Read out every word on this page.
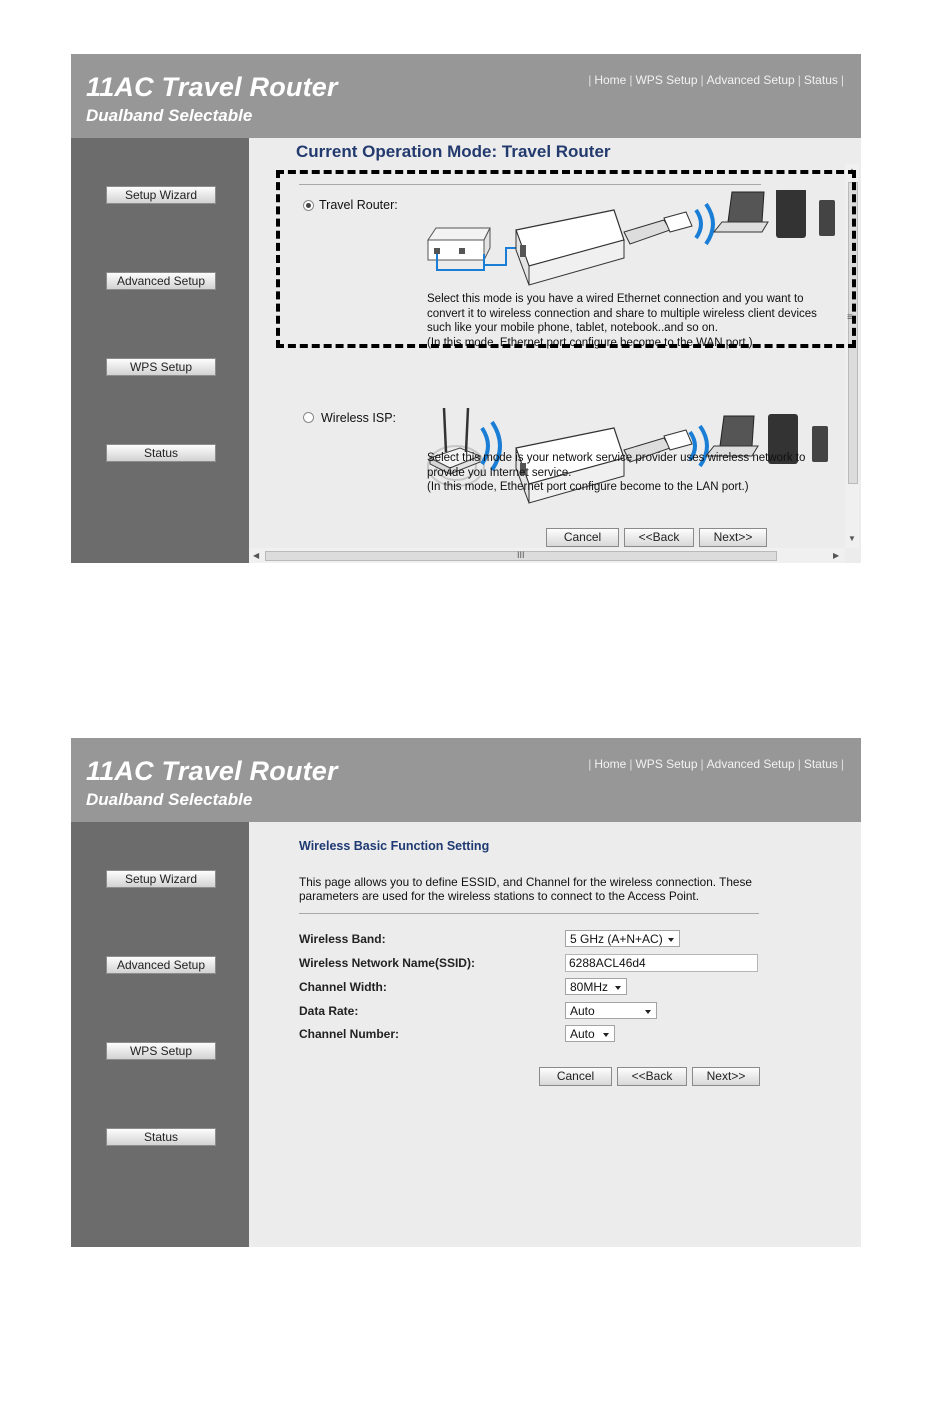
11AC Travel Router
Dualband Selectable
| Home | WPS Setup | Advanced Setup | Status |
Setup Wizard
Advanced Setup
WPS Setup
Status
Current Operation Mode: Travel Router
Travel Router:
Select this mode is you have a wired Ethernet connection and you want to
convert it to wireless connection and share to multiple wireless client devices
such like your mobile phone, tablet, notebook..and so on.
(In this mode, Ethernet port configure become to the WAN port.)
Wireless ISP:
Select this mode is your network service provider uses wireless network to
provide you Internet service.
(In this mode, Ethernet port configure become to the LAN port.)
Cancel	<<Back	Next>>
▲
≡
▼
◀	III	▶
11AC Travel Router
Dualband Selectable
| Home | WPS Setup | Advanced Setup | Status |
Setup Wizard
Advanced Setup
WPS Setup
Status
Wireless Basic Function Setting
This page allows you to define ESSID, and Channel for the wireless connection. These parameters are used for the wireless stations to connect to the Access Point.
Wireless Band:	5 GHz (A+N+AC)
Wireless Network Name(SSID):
6288ACL46d4
Channel Width:	80MHz
Data Rate:	Auto
Channel Number:	Auto
Cancel	<<Back	Next>>
